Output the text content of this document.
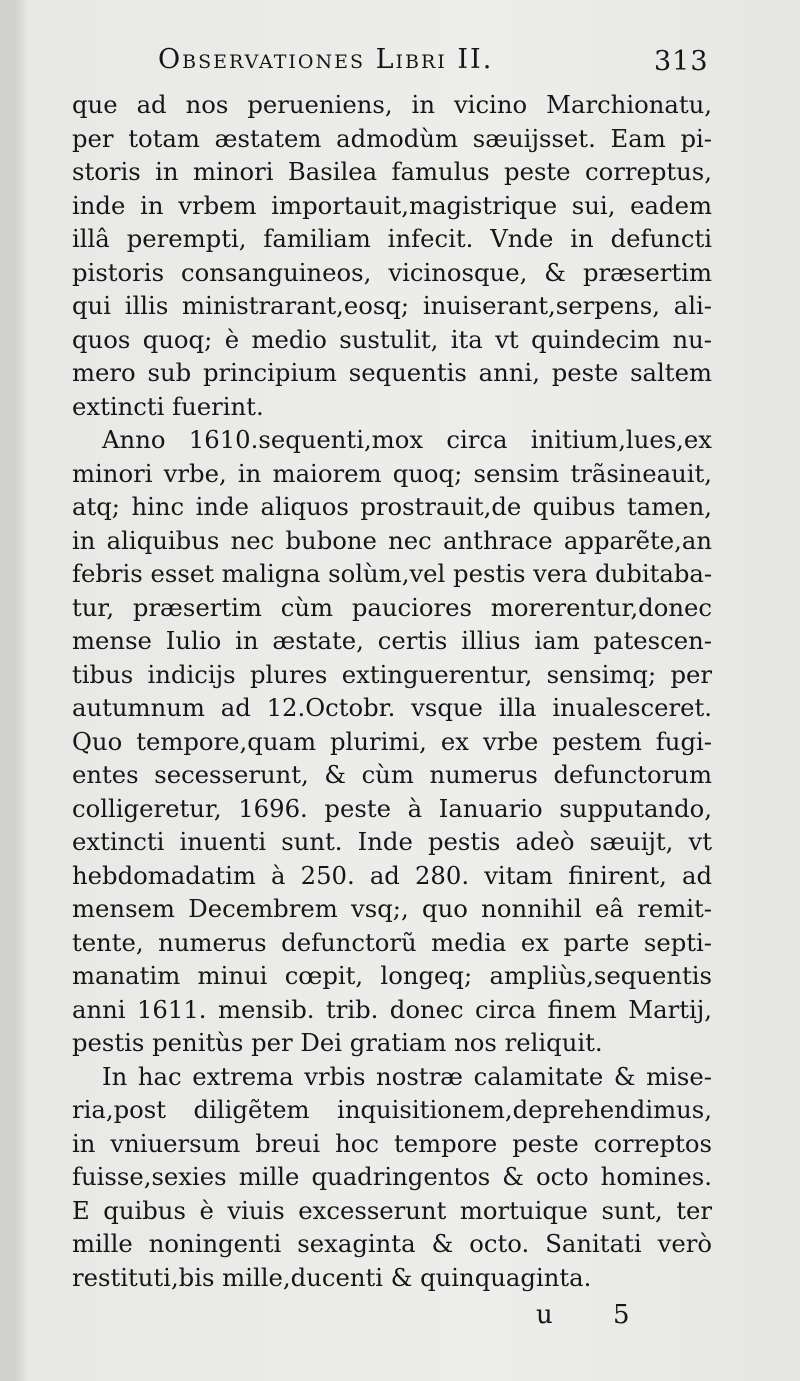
Observationes Libri II.	313
que ad nos perueniens, in vicino Marchionatu,
per totam æstatem admodùm sæuijsset. Eam pi-
storis in minori Basilea famulus peste correptus,
inde in vrbem importauit,magistrique sui, eadem
illâ perempti, familiam infecit. Vnde in defuncti
pistoris consanguineos, vicinosque, & præsertim
qui illis ministrarant,eosq; inuiserant,serpens, ali-
quos quoq; è medio sustulit, ita vt quindecim nu-
mero sub principium sequentis anni, peste saltem
extincti fuerint.
Anno 1610.sequenti,mox circa initium,lues,ex
minori vrbe, in maiorem quoq; sensim trãsineauit,
atq; hinc inde aliquos prostrauit,de quibus tamen,
in aliquibus nec bubone nec anthrace apparẽte,an
febris esset maligna solùm,vel pestis vera dubitaba-
tur, præsertim cùm pauciores morerentur,donec
mense Iulio in æstate, certis illius iam patescen-
tibus indicijs plures extinguerentur, sensimq; per
autumnum ad 12.Octobr. vsque illa inualesceret.
Quo tempore,quam plurimi, ex vrbe pestem fugi-
entes secesserunt, & cùm numerus defunctorum
colligeretur, 1696. peste à Ianuario supputando,
extincti inuenti sunt. Inde pestis adeò sæuijt, vt
hebdomadatim à 250. ad 280. vitam finirent, ad
mensem Decembrem vsq;, quo nonnihil eâ remit-
tente, numerus defunctorũ media ex parte septi-
manatim minui cœpit, longeq; ampliùs,sequentis
anni 1611. mensib. trib. donec circa finem Martij,
pestis penitùs per Dei gratiam nos reliquit.
In hac extrema vrbis nostræ calamitate & mise-
ria,post diligẽtem inquisitionem,deprehendimus,
in vniuersum breui hoc tempore peste correptos
fuisse,sexies mille quadringentos & octo homines.
E quibus è viuis excesserunt mortuique sunt, ter
mille noningenti sexaginta & octo. Sanitati verò
restituti,bis mille,ducenti & quinquaginta.
u 5
